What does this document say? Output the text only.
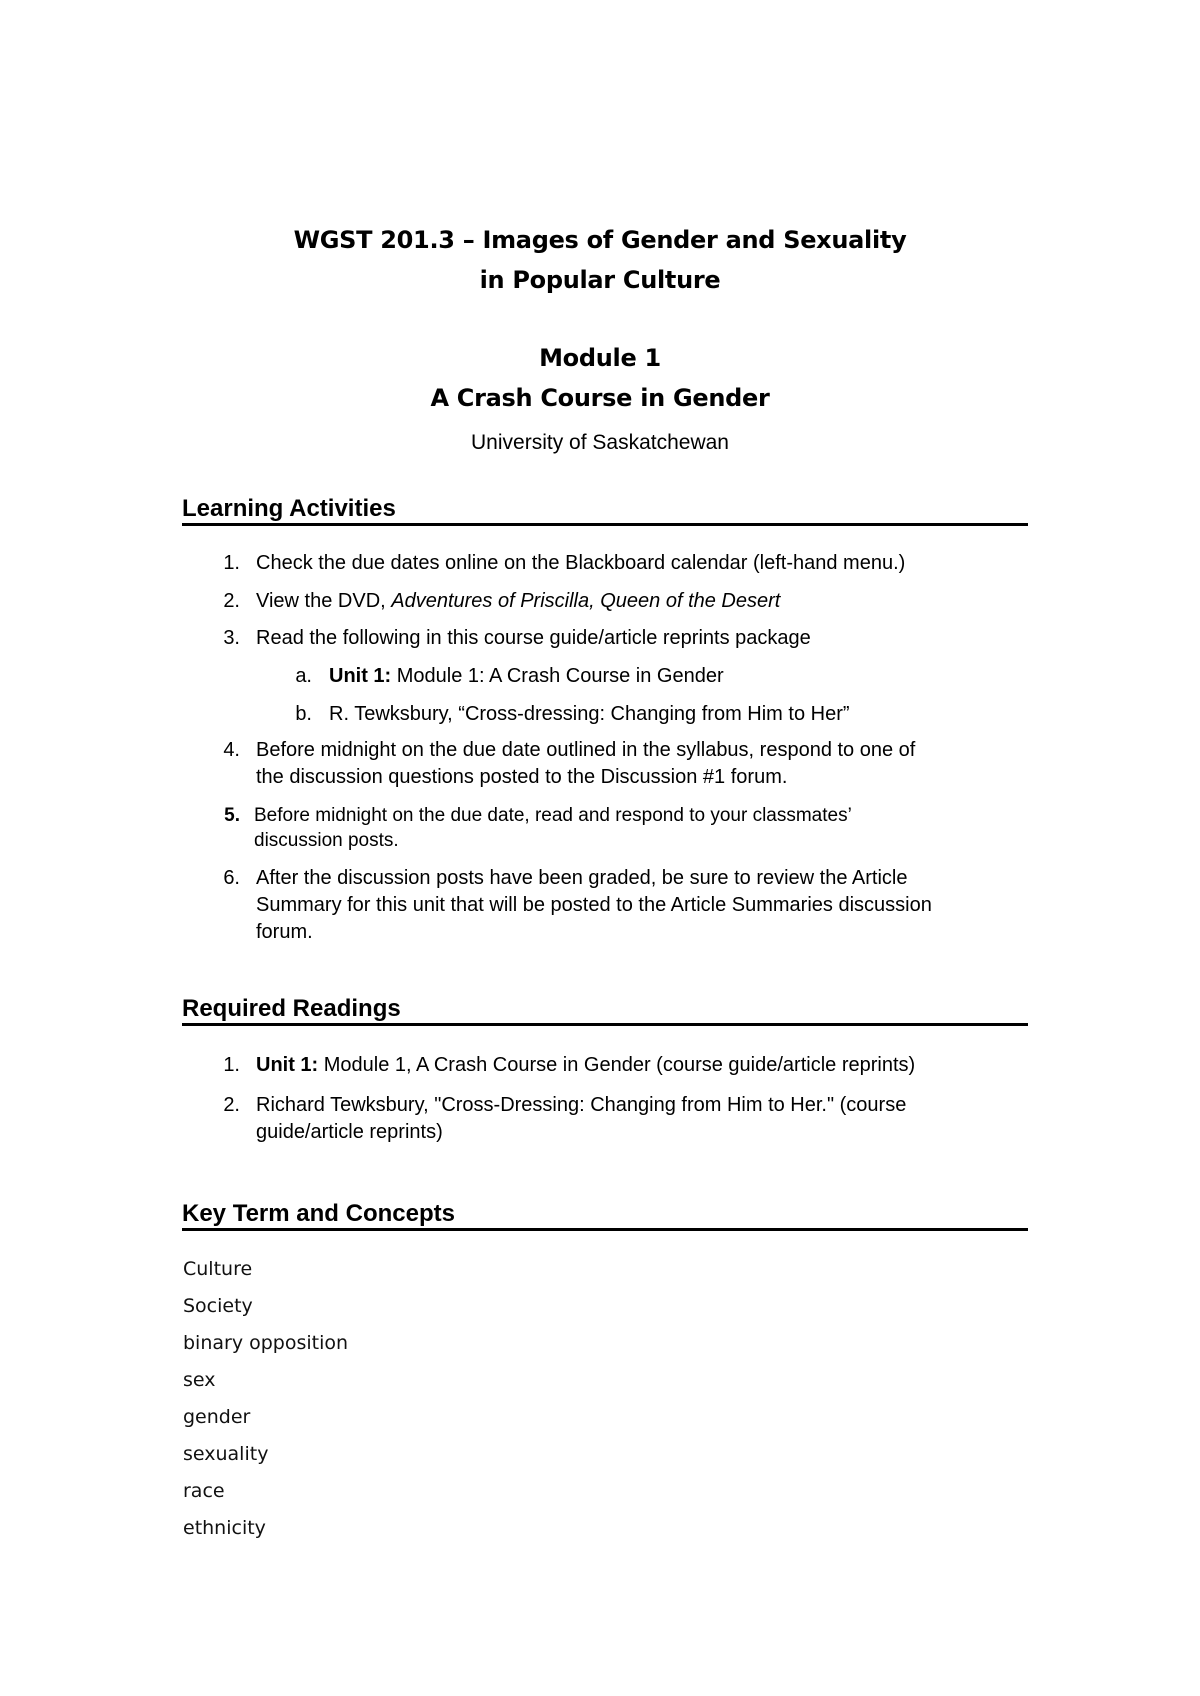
WGST 201.3 – Images of Gender and Sexuality
in Popular Culture
Module 1
A Crash Course in Gender
University of Saskatchewan
Learning Activities
1. Check the due dates online on the Blackboard calendar (left-hand menu.)
2. View the DVD, Adventures of Priscilla, Queen of the Desert
3. Read the following in this course guide/article reprints package
a. Unit 1: Module 1: A Crash Course in Gender
b. R. Tewksbury, “Cross-dressing: Changing from Him to Her”
4. Before midnight on the due date outlined in the syllabus, respond to one of
the discussion questions posted to the Discussion #1 forum.
5. Before midnight on the due date, read and respond to your classmates’
discussion posts.
6. After the discussion posts have been graded, be sure to review the Article
Summary for this unit that will be posted to the Article Summaries discussion
forum.
Required Readings
1. Unit 1: Module 1, A Crash Course in Gender (course guide/article reprints)
2. Richard Tewksbury, "Cross-Dressing: Changing from Him to Her." (course
guide/article reprints)
Key Term and Concepts
Culture
Society
binary opposition
sex
gender
sexuality
race
ethnicity
